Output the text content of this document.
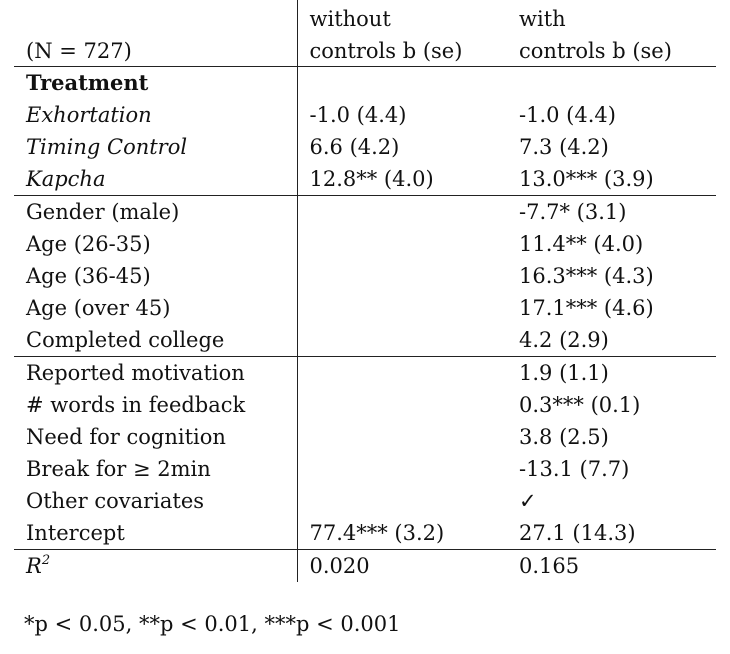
	without	with
(N = 727)	controls b (se)	controls b (se)
Treatment		
Exhortation	-1.0 (4.4)	-1.0 (4.4)
Timing Control	6.6 (4.2)	7.3 (4.2)
Kapcha	12.8** (4.0)	13.0*** (3.9)
Gender (male)		-7.7* (3.1)
Age (26-35)		11.4** (4.0)
Age (36-45)		16.3*** (4.3)
Age (over 45)		17.1*** (4.6)
Completed college		4.2 (2.9)
Reported motivation		1.9 (1.1)
# words in feedback		0.3*** (0.1)
Need for cognition		3.8 (2.5)
Break for ≥ 2min		-13.1 (7.7)
Other covariates		✓
Intercept	77.4*** (3.2)	27.1 (14.3)
$R^2$	0.020	0.165
*p < 0.05, **p < 0.01, ***p < 0.001
